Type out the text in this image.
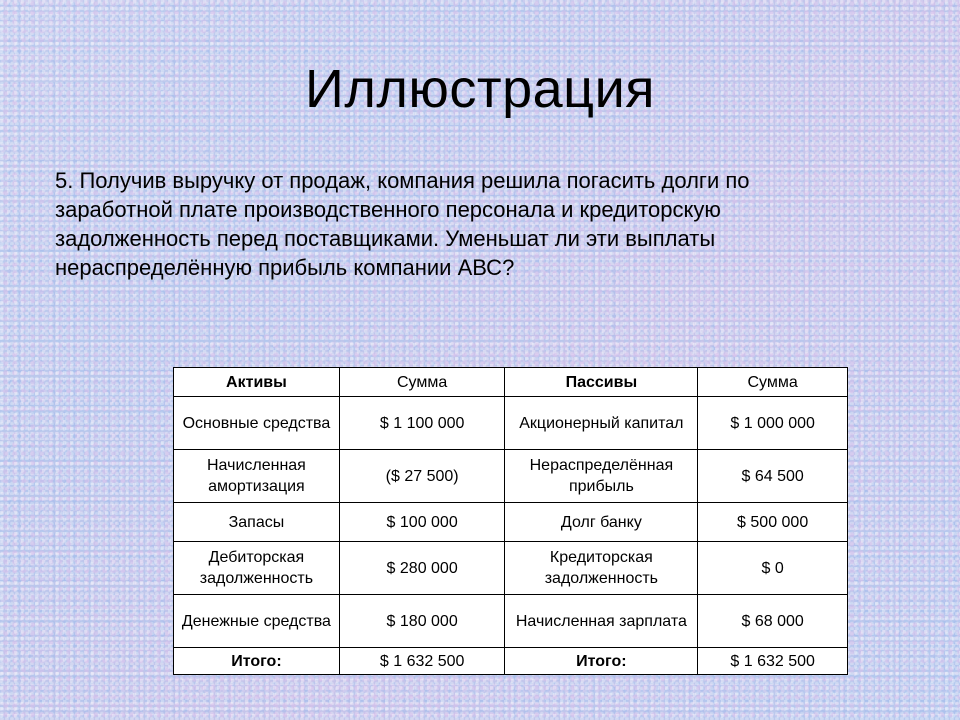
Иллюстрация

5. Получив выручку от продаж, компания решила погасить долги по заработной плате производственного персонала и кредиторскую задолженность перед поставщиками. Уменьшат ли эти выплаты нераспределённую прибыль компании АВС?

Активы	Сумма	Пассивы	Сумма
Основные средства	$ 1 100 000	Акционерный капитал	$ 1 000 000
Начисленная амортизация	($ 27 500)	Нераспределённая прибыль	$ 64 500
Запасы	$ 100 000	Долг банку	$ 500 000
Дебиторская задолженность	$ 280 000	Кредиторская задолженность	$ 0
Денежные средства	$ 180 000	Начисленная зарплата	$ 68 000
Итого:	$ 1 632 500	Итого:	$ 1 632 500
